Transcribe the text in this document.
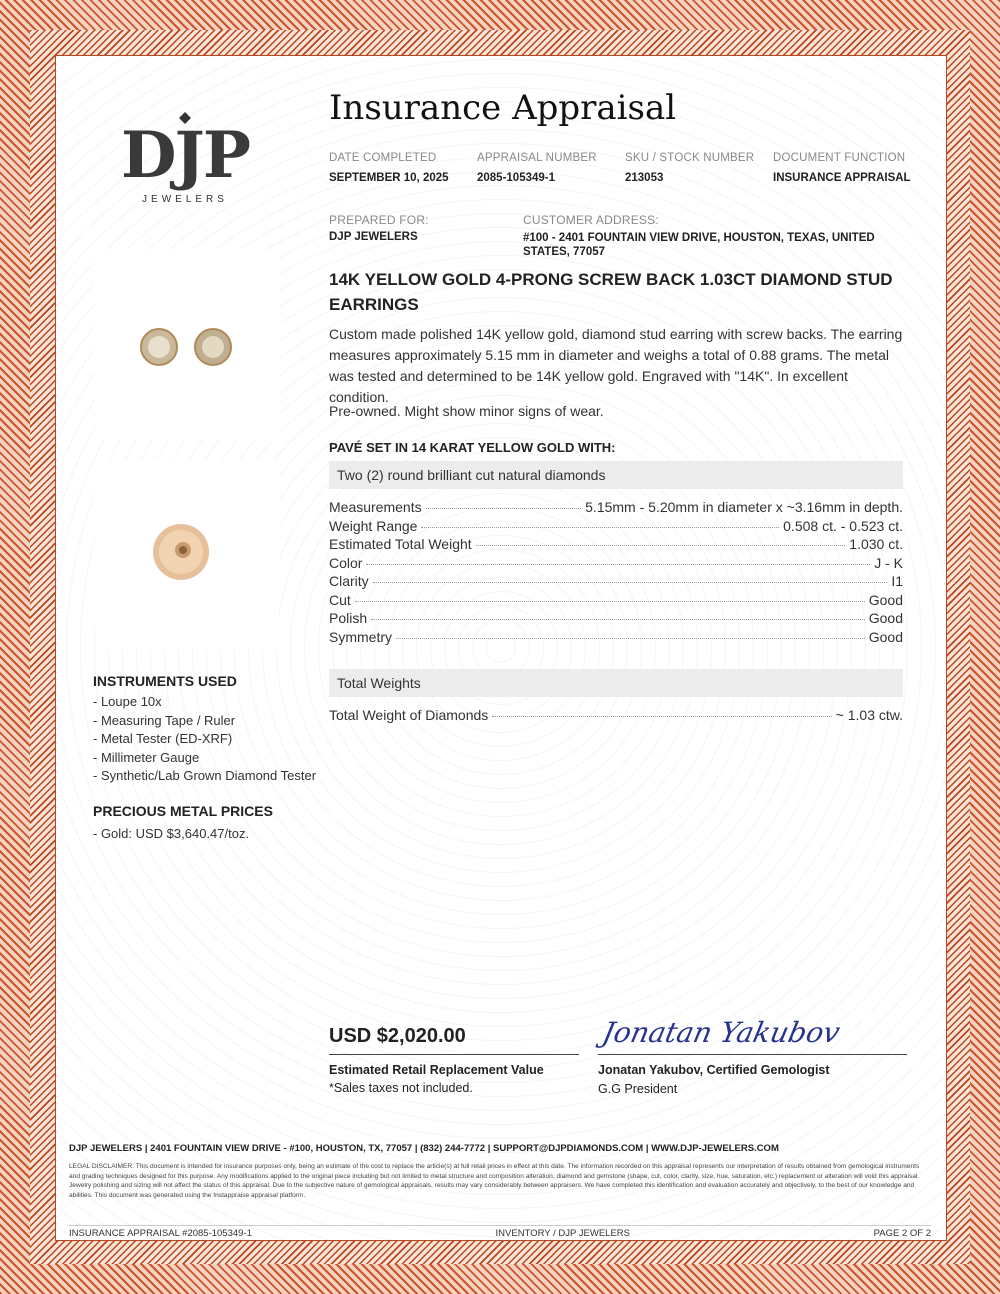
DJP
JEWELERS
Insurance Appraisal
DATE COMPLETED
SEPTEMBER 10, 2025
APPRAISAL NUMBER
2085-105349-1
SKU / STOCK NUMBER
213053
DOCUMENT FUNCTION
INSURANCE APPRAISAL
PREPARED FOR:
DJP JEWELERS
CUSTOMER ADDRESS:
#100 - 2401 FOUNTAIN VIEW DRIVE, HOUSTON, TEXAS, UNITED STATES, 77057
14K YELLOW GOLD 4-PRONG SCREW BACK 1.03CT DIAMOND STUD EARRINGS
Custom made polished 14K yellow gold, diamond stud earring with screw backs. The earring measures approximately 5.15 mm in diameter and weighs a total of 0.88 grams. The metal was tested and determined to be 14K yellow gold. Engraved with "14K". In excellent condition.
Pre-owned. Might show minor signs of wear.
PAVÉ SET IN 14 KARAT YELLOW GOLD WITH:
Two (2) round brilliant cut natural diamonds
Measurements	5.15mm - 5.20mm in diameter x ~3.16mm in depth.
Weight Range	0.508 ct. - 0.523 ct.
Estimated Total Weight	1.030 ct.
Color	J - K
Clarity	I1
Cut	Good
Polish	Good
Symmetry	Good
Total Weights
Total Weight of Diamonds	~ 1.03 ctw.
INSTRUMENTS USED
- Loupe 10x
- Measuring Tape / Ruler
- Metal Tester (ED-XRF)
- Millimeter Gauge
- Synthetic/Lab Grown Diamond Tester
PRECIOUS METAL PRICES
- Gold: USD $3,640.47/toz.
USD $2,020.00
Estimated Retail Replacement Value
*Sales taxes not included.
Jonatan Yakubov
Jonatan Yakubov, Certified Gemologist
G.G President
DJP JEWELERS | 2401 FOUNTAIN VIEW DRIVE - #100, HOUSTON, TX, 77057 | (832) 244-7772 | SUPPORT@DJPDIAMONDS.COM | WWW.DJP-JEWELERS.COM
LEGAL DISCLAIMER: This document is intended for insurance purposes only, being an estimate of the cost to replace the article(s) at full retail prices in effect at this date. The information recorded on this appraisal represents our interpretation of results obtained from gemological instruments and grading techniques designed for this purpose. Any modifications applied to the original piece including but not limited to metal structure and composition alteration, diamond and gemstone (shape, cut, color, clarity, size, hue, saturation, etc.) replacement or alteration will void this appraisal. Jewelry polishing and sizing will not affect the status of this appraisal. Due to the subjective nature of gemological appraisals, results may vary considerably between appraisers. We have completed this identification and evaluation accurately and objectively, to the best of our knowledge and abilities. This document was generated using the Instappraise appraisal platform.
INSURANCE APPRAISAL #2085-105349-1	INVENTORY / DJP JEWELERS	PAGE 2 OF 2
